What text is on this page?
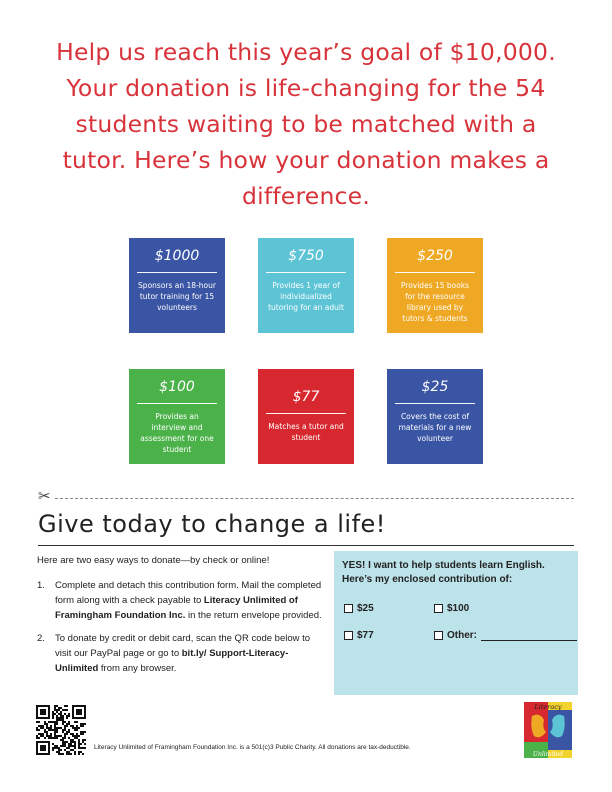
Help us reach this year’s goal of $10,000. Your donation is life-changing for the 54 students waiting to be matched with a tutor. Here’s how your donation makes a difference.
$1000
Sponsors an 18-hour tutor training for 15 volunteers
$750
Provides 1 year of individualized tutoring for an adult
$250
Provides 15 books for the resource library used by tutors & students
$100
Provides an interview and assessment for one student
$77
Matches a tutor and student
$25
Covers the cost of materials for a new volunteer
✂
Give today to change a life!
Here are two easy ways to donate—by check or online!
1.	Complete and detach this contribution form. Mail the completed form along with a check payable to Literacy Unlimited of Framingham Foundation Inc. in the return envelope provided.
2.	To donate by credit or debit card, scan the QR code below to visit our PayPal page or go to bit.ly/ Support-Literacy-Unlimited from any browser.
YES! I want to help students learn English. Here’s my enclosed contribution of:
$25	$100
$77	Other:
Literacy Unlimited of Framingham Foundation Inc. is a 501(c)3 Public Charity. All donations are tax-deductible.
Literacy
Unlimited
